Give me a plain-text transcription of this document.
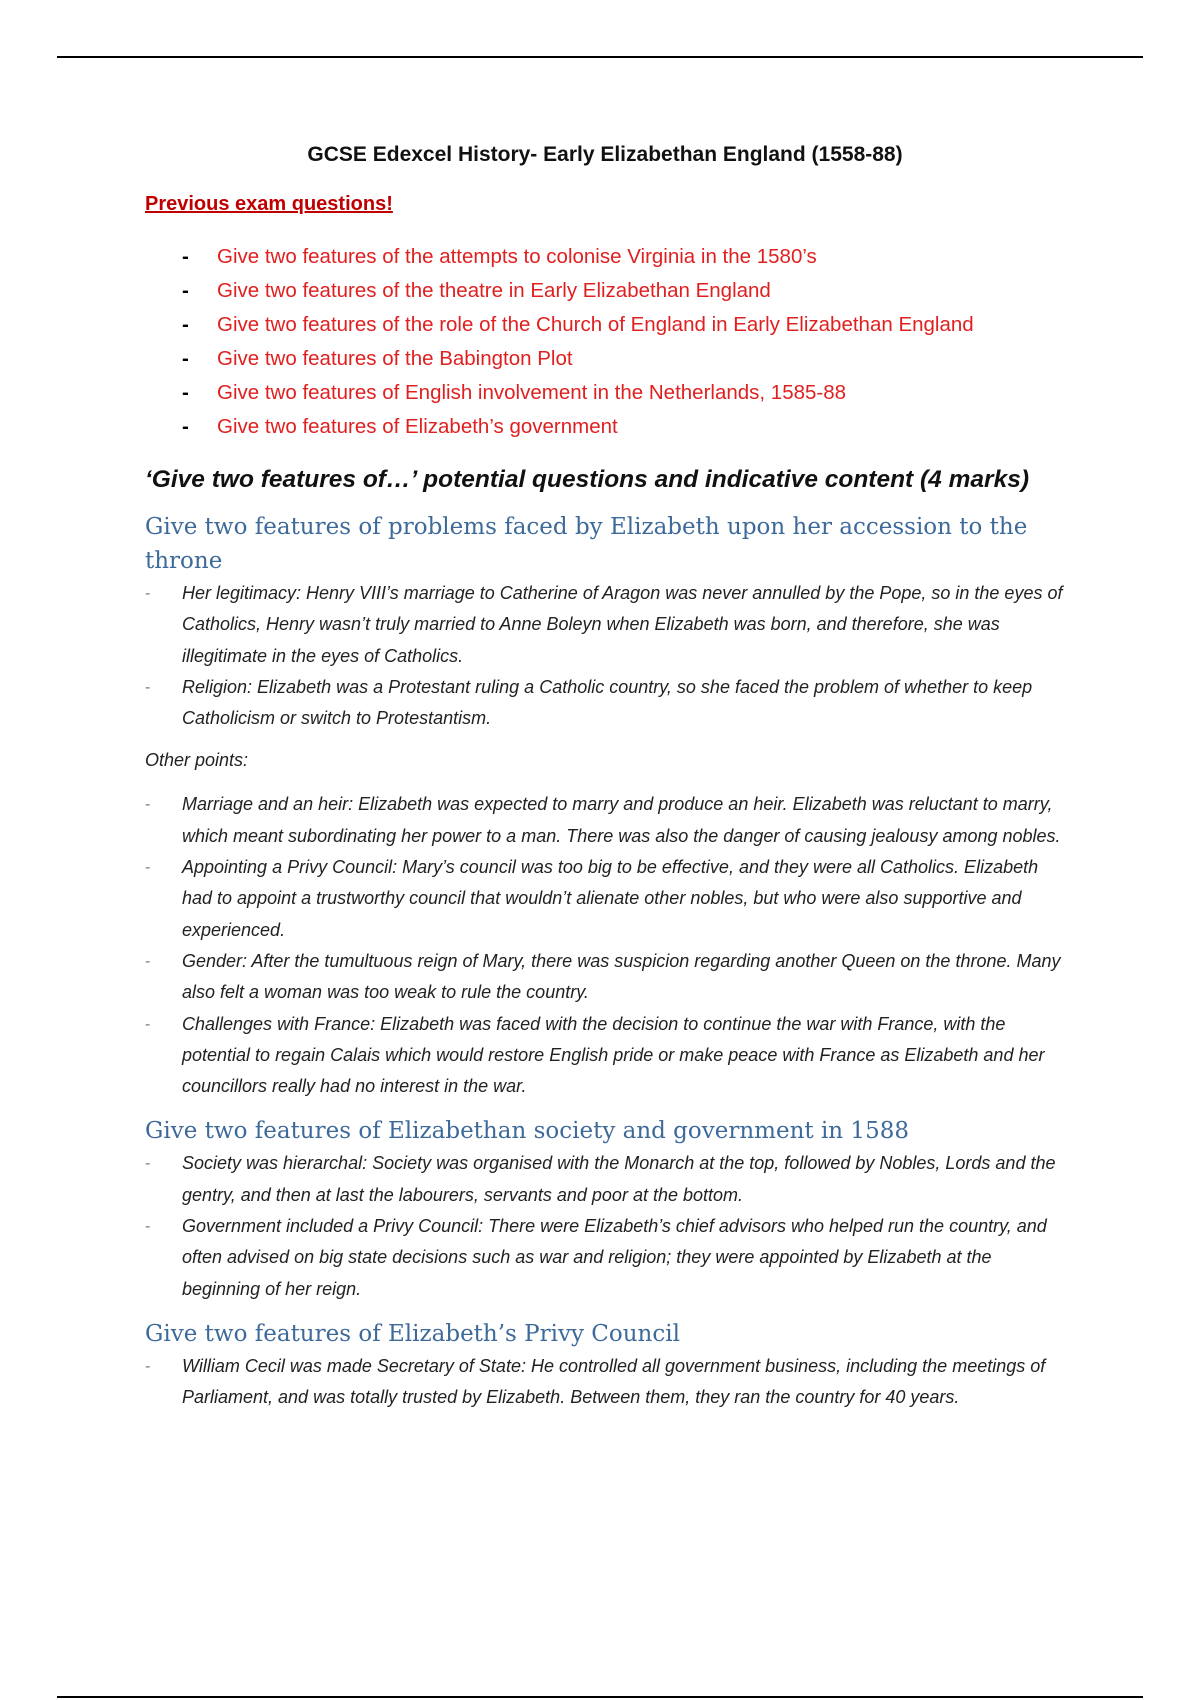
GCSE Edexcel History- Early Elizabethan England (1558-88)
Previous exam questions!
- Give two features of the attempts to colonise Virginia in the 1580’s
- Give two features of the theatre in Early Elizabethan England
- Give two features of the role of the Church of England in Early Elizabethan England
- Give two features of the Babington Plot
- Give two features of English involvement in the Netherlands, 1585-88
- Give two features of Elizabeth’s government
‘Give two features of…’ potential questions and indicative content (4 marks)
Give two features of problems faced by Elizabeth upon her accession to the throne
- Her legitimacy: Henry VIII’s marriage to Catherine of Aragon was never annulled by the Pope, so in the eyes of Catholics, Henry wasn’t truly married to Anne Boleyn when Elizabeth was born, and therefore, she was illegitimate in the eyes of Catholics.
- Religion: Elizabeth was a Protestant ruling a Catholic country, so she faced the problem of whether to keep Catholicism or switch to Protestantism.
Other points:
- Marriage and an heir: Elizabeth was expected to marry and produce an heir. Elizabeth was reluctant to marry, which meant subordinating her power to a man. There was also the danger of causing jealousy among nobles.
- Appointing a Privy Council: Mary’s council was too big to be effective, and they were all Catholics. Elizabeth had to appoint a trustworthy council that wouldn’t alienate other nobles, but who were also supportive and experienced.
- Gender: After the tumultuous reign of Mary, there was suspicion regarding another Queen on the throne. Many also felt a woman was too weak to rule the country.
- Challenges with France: Elizabeth was faced with the decision to continue the war with France, with the potential to regain Calais which would restore English pride or make peace with France as Elizabeth and her councillors really had no interest in the war.
Give two features of Elizabethan society and government in 1588
- Society was hierarchal: Society was organised with the Monarch at the top, followed by Nobles, Lords and the gentry, and then at last the labourers, servants and poor at the bottom.
- Government included a Privy Council: There were Elizabeth’s chief advisors who helped run the country, and often advised on big state decisions such as war and religion; they were appointed by Elizabeth at the beginning of her reign.
Give two features of Elizabeth’s Privy Council
- William Cecil was made Secretary of State: He controlled all government business, including the meetings of Parliament, and was totally trusted by Elizabeth. Between them, they ran the country for 40 years.
